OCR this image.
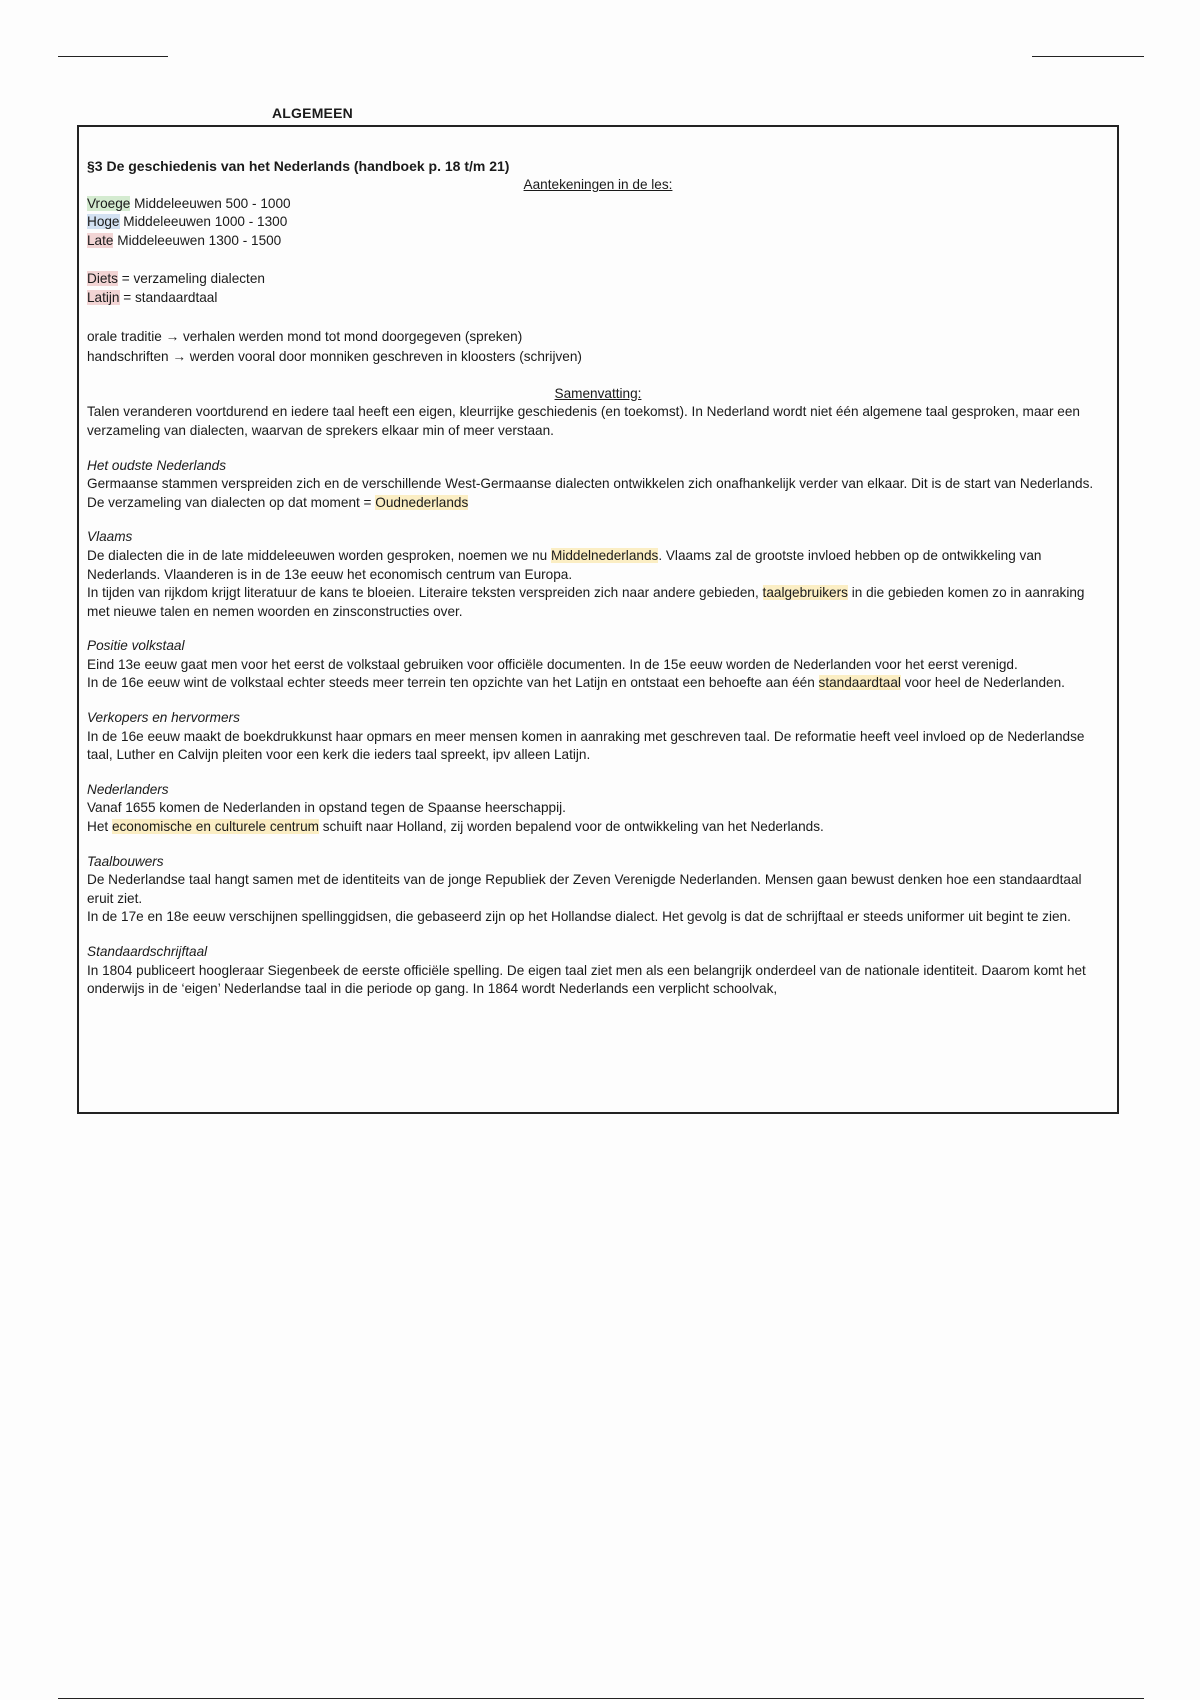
ALGEMEEN

§3 De geschiedenis van het Nederlands (handboek p. 18 t/m 21)

Aantekeningen in de les:

Vroege Middeleeuwen 500 - 1000
Hoge Middeleeuwen 1000 - 1300
Late Middeleeuwen 1300 - 1500
Diets = verzameling dialecten
Latijn = standaardtaal
orale traditie → verhalen werden mond tot mond doorgegeven (spreken)
handschriften → werden vooral door monniken geschreven in kloosters (schrijven)

Samenvatting:

Talen veranderen voortdurend en iedere taal heeft een eigen, kleurrijke geschiedenis (en toekomst). In Nederland wordt niet één algemene taal gesproken, maar een verzameling van dialecten, waarvan de sprekers elkaar min of meer verstaan.

Het oudste Nederlands

Germaanse stammen verspreiden zich en de verschillende West-Germaanse dialecten ontwikkelen zich onafhankelijk verder van elkaar. Dit is de start van Nederlands.

De verzameling van dialecten op dat moment = Oudnederlands

Vlaams

De dialecten die in de late middeleeuwen worden gesproken, noemen we nu Middelnederlands. Vlaams zal de grootste invloed hebben op de ontwikkeling van Nederlands. Vlaanderen is in de 13e eeuw het economisch centrum van Europa.

In tijden van rijkdom krijgt literatuur de kans te bloeien. Literaire teksten verspreiden zich naar andere gebieden, taalgebruikers in die gebieden komen zo in aanraking met nieuwe talen en nemen woorden en zinsconstructies over.

Positie volkstaal

Eind 13e eeuw gaat men voor het eerst de volkstaal gebruiken voor officiële documenten. In de 15e eeuw worden de Nederlanden voor het eerst verenigd.

In de 16e eeuw wint de volkstaal echter steeds meer terrein ten opzichte van het Latijn en ontstaat een behoefte aan één standaardtaal voor heel de Nederlanden.

Verkopers en hervormers

In de 16e eeuw maakt de boekdrukkunst haar opmars en meer mensen komen in aanraking met geschreven taal. De reformatie heeft veel invloed op de Nederlandse taal, Luther en Calvijn pleiten voor een kerk die ieders taal spreekt, ipv alleen Latijn.

Nederlanders

Vanaf 1655 komen de Nederlanden in opstand tegen de Spaanse heerschappij.

Het economische en culturele centrum schuift naar Holland, zij worden bepalend voor de ontwikkeling van het Nederlands.

Taalbouwers

De Nederlandse taal hangt samen met de identiteits van de jonge Republiek der Zeven Verenigde Nederlanden. Mensen gaan bewust denken hoe een standaardtaal eruit ziet.

In de 17e en 18e eeuw verschijnen spellinggidsen, die gebaseerd zijn op het Hollandse dialect. Het gevolg is dat de schrijftaal er steeds uniformer uit begint te zien.

Standaardschrijftaal

In 1804 publiceert hoogleraar Siegenbeek de eerste officiële spelling. De eigen taal ziet men als een belangrijk onderdeel van de nationale identiteit. Daarom komt het onderwijs in de ‘eigen’ Nederlandse taal in die periode op gang. In 1864 wordt Nederlands een verplicht schoolvak,
